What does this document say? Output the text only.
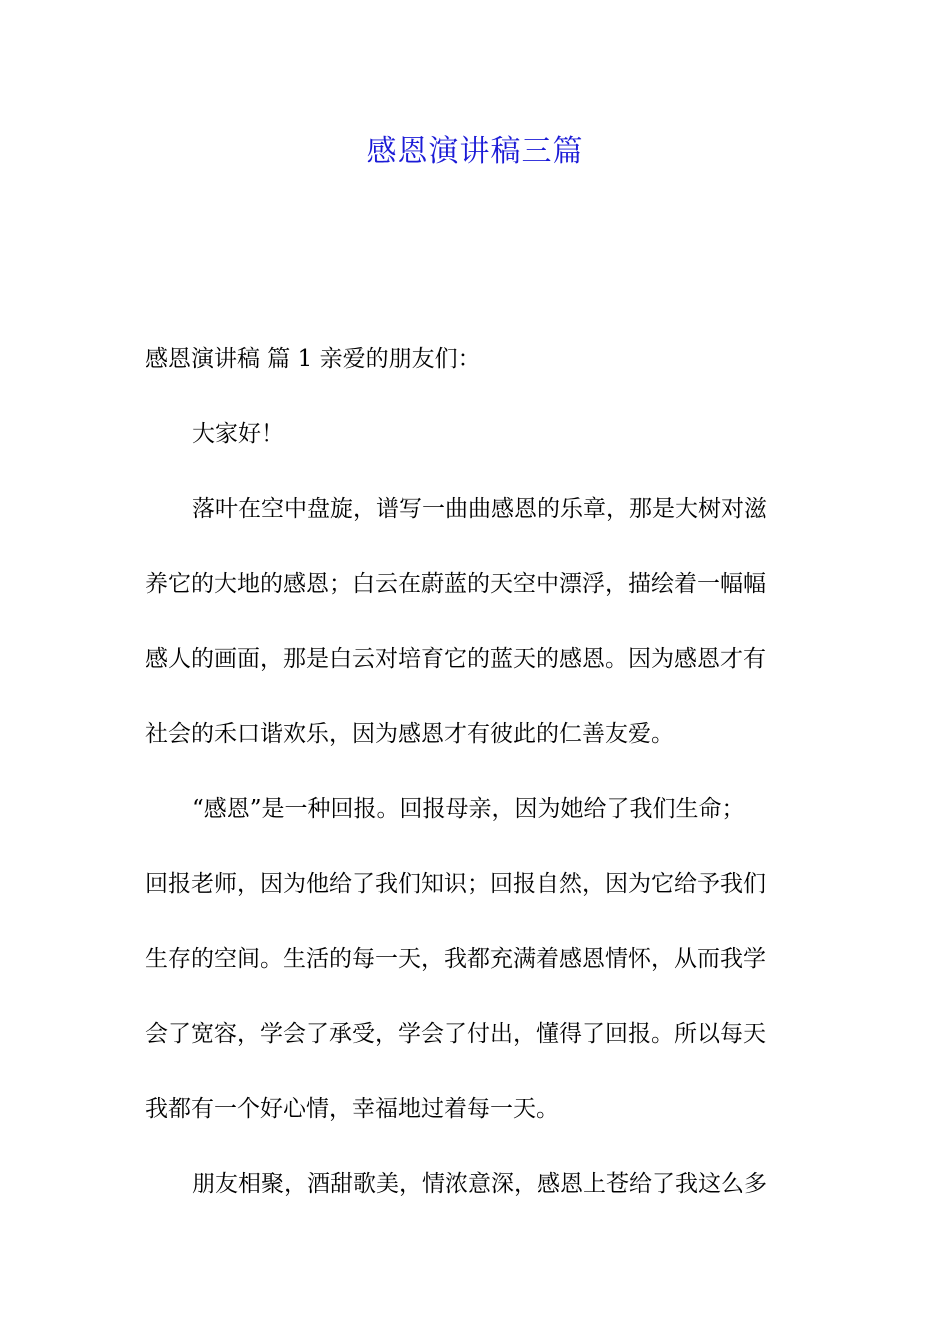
感恩演讲稿三篇
感恩演讲稿 篇 1 亲爱的朋友们：
大家好！
落叶在空中盘旋，谱写一曲曲感恩的乐章，那是大树对滋
养它的大地的感恩；白云在蔚蓝的天空中漂浮，描绘着一幅幅
感人的画面，那是白云对培育它的蓝天的感恩。因为感恩才有
社会的禾口谐欢乐，因为感恩才有彼此的仁善友爱。
“感恩”是一种回报。回报母亲，因为她给了我们生命；
回报老师，因为他给了我们知识；回报自然，因为它给予我们
生存的空间。生活的每一天，我都充满着感恩情怀，从而我学
会了宽容，学会了承受，学会了付出，懂得了回报。所以每天
我都有一个好心情，幸福地过着每一天。
朋友相聚，酒甜歌美，情浓意深，感恩上苍给了我这么多
